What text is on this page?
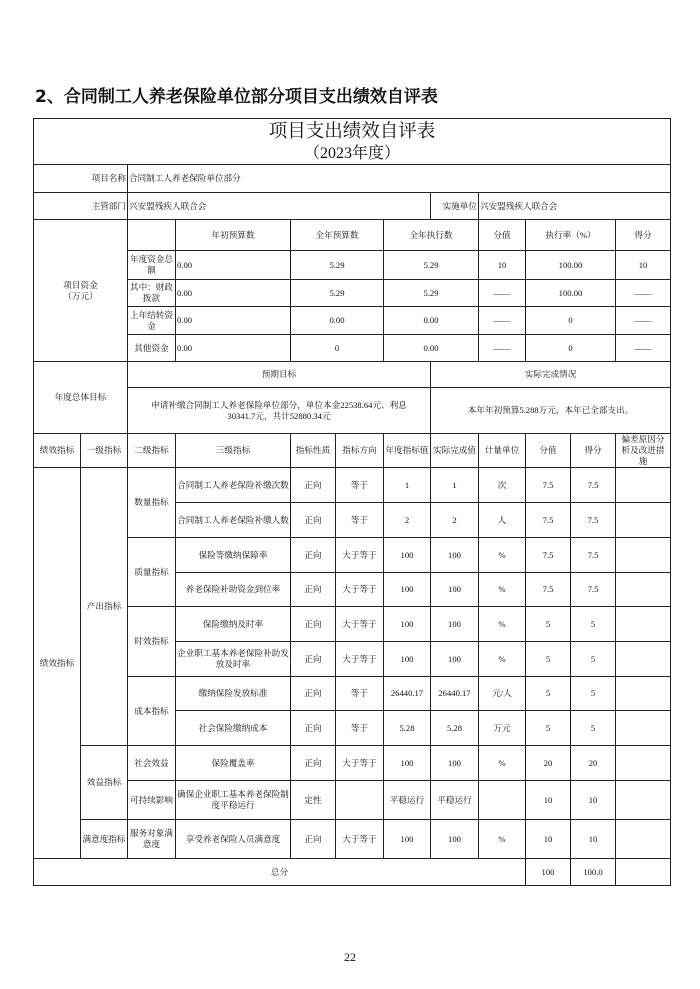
2、合同制工人养老保险单位部分项目支出绩效自评表
项目支出绩效自评表
（2023年度）											

项目名称		合同制工人养老保险单位部分									
主管部门		兴安盟残疾人联合会					实施单位	兴安盟残疾人联合会			
项目资金（万元）			年初预算数	全年预算数		全年执行数		分值	执行率（%）		得分
		年度资金总额	0.00	5.29		5.29		10	100.00		10
		其中：财政拨款	0.00	5.29		5.29		——	100.00		——
		上年结转资金	0.00	0.00		0.00		——	0		——
		其他资金	0.00	0		0.00		——	0		——
年度总体目标		预期目标					实际完成情况				
		申请补缴合同制工人养老保险单位部分，单位本金22538.64元、利息30341.7元，共计52880.34元					本年年初预算5.288万元，本年已全部支出。				
绩效指标	一级指标	二级指标	三级指标	指标性质	指标方向	年度指标值	实际完成值	计量单位	分值	得分	偏差原因分析及改进措施
绩效指标	产出指标	数量指标	合同制工人养老保险补缴次数	正向	等于	1	1	次	7.5	7.5	
			合同制工人养老保险补缴人数	正向	等于	2	2	人	7.5	7.5	
		质量指标	保险等缴纳保障率	正向	大于等于	100	100	%	7.5	7.5	
			养老保险补助资金到位率	正向	大于等于	100	100	%	7.5	7.5	
		时效指标	保险缴纳及时率	正向	大于等于	100	100	%	5	5	
			企业职工基本养老保险补助发放及时率	正向	大于等于	100	100	%	5	5	
		成本指标	缴纳保险发放标准	正向	等于	26440.17	26440.17	元/人	5	5	
			社会保险缴纳成本	正向	等于	5.28	5.28	万元	5	5	
	效益指标	社会效益	保险覆盖率	正向	大于等于	100	100	%	20	20	
		可持续影响	确保企业职工基本养老保险制度平稳运行	定性		平稳运行	平稳运行		10	10	
	满意度指标	服务对象满意度	享受养老保险人员满意度	正向	大于等于	100	100	%	10	10	
总分									100	100.0	
22
